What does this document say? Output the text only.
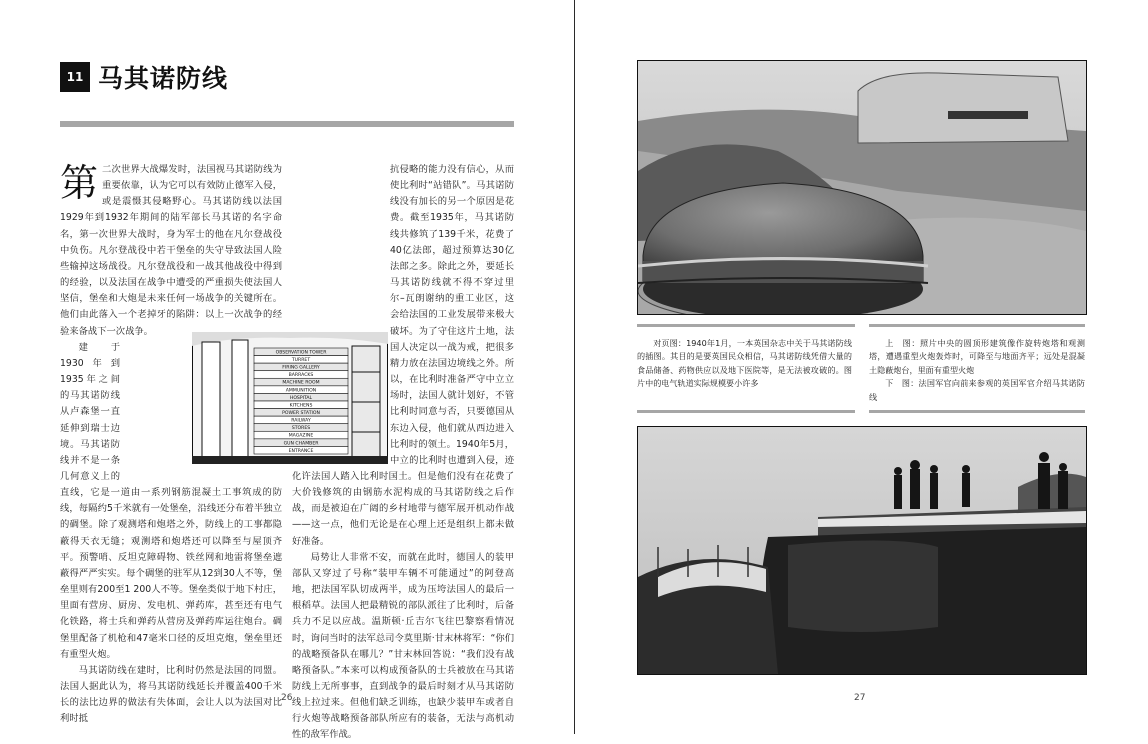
11 马其诺防线

第二次世界大战爆发时，法国视马其诺防线为重要依靠，认为它可以有效防止德军入侵，或是震慑其侵略野心。马其诺防线以法国1929年到1932年期间的陆军部长马其诺的名字命名，第一次世界大战时，身为军士的他在凡尔登战役中负伤。凡尔登战役中若干堡垒的失守导致法国人险些输掉这场战役。凡尔登战役和一战其他战役中得到的经验，以及法国在战争中遭受的严重损失使法国人坚信，堡垒和大炮是未来任何一场战争的关键所在。他们由此落入一个老掉牙的陷阱：以上一次战争的经验来备战下一次战争。

建于1930年到1935年之间的马其诺防线从卢森堡一直延伸到瑞士边境。马其诺防线并不是一条几何意义上的直线，它是一道由一系列钢筋混凝土工事筑成的防线，每隔约5千米就有一处堡垒，沿线还分布着半独立的碉堡。除了观测塔和炮塔之外，防线上的工事都隐蔽得天衣无缝；观测塔和炮塔还可以降至与屋顶齐平。预警哨、反坦克障碍物、铁丝网和地雷将堡垒遮蔽得严严实实。每个碉堡的驻军从12到30人不等，堡垒里则有200至1 200人不等。堡垒类似于地下村庄，里面有营房、厨房、发电机、弹药库，甚至还有电气化铁路，将士兵和弹药从营房及弹药库运往炮台。碉堡里配备了机枪和47毫米口径的反坦克炮，堡垒里还有重型火炮。

马其诺防线在建时，比利时仍然是法国的同盟。法国人据此认为，将马其诺防线延长并覆盖400千米长的法比边界的做法有失体面，会让人以为法国对比利时抵

抗侵略的能力没有信心，从而使比利时“站错队”。马其诺防线没有加长的另一个原因是花费。截至1935年，马其诺防线共修筑了139千米，花费了40亿法郎，超过预算达30亿法郎之多。除此之外，要延长马其诺防线就不得不穿过里尔–瓦朗谢纳的重工业区，这会给法国的工业发展带来极大破坏。为了守住这片土地，法国人决定以一战为戒，把很多精力放在法国边境线之外。所以，在比利时准备严守中立立场时，法国人就计划好，不管比利时同意与否，只要德国从东边入侵，他们就从西边进入比利时的领土。1940年5月，中立的比利时也遭到入侵，迹化许法国人踏入比利时国土。但是他们没有在花费了大价钱修筑的由钢筋水泥构成的马其诺防线之后作战，而是被迫在广阔的乡村地带与德军展开机动作战——这一点，他们无论是在心理上还是组织上都未做好准备。

局势让人非常不安，而就在此时，德国人的装甲部队又穿过了号称“装甲车辆不可能通过”的阿登高地，把法国军队切成两半，成为压垮法国人的最后一根稻草。法国人把最精锐的部队派往了比利时，后备兵力不足以应战。温斯顿·丘吉尔飞往巴黎察看情况时，询问当时的法军总司令莫里斯·甘末林将军：“你们的战略预备队在哪儿？”甘末林回答说：“我们没有战略预备队。”本来可以构成预备队的士兵被放在马其诺防线上无所事事，直到战争的最后时刻才从马其诺防线上拉过来。但他们缺乏训练，也缺少装甲车或者自行火炮等战略预备部队所应有的装备，无法与高机动性的敌军作战。

OBSERVATION TOWER
TURRET
FIRING GALLERY
BARRACKS
MACHINE ROOM
AMMUNITION
HOSPITAL
KITCHENS
POWER STATION
RAILWAY
STORES
MAGAZINE
GUN CHAMBER
ENTRANCE
26

对页图：1940年1月，一本英国杂志中关于马其诺防线的插图。其目的是要英国民众相信，马其诺防线凭借大量的食品储备、药物供应以及地下医院等，是无法被攻破的。图片中的电气轨道实际规模要小许多

上　图：照片中央的圆顶形建筑像作旋转炮塔和观测塔，遭遇重型火炮轰炸时，可降至与地面齐平；远处是混凝土隐蔽炮台，里面有重型火炮

下　图：法国军官向前来参观的英国军官介绍马其诺防线

27
